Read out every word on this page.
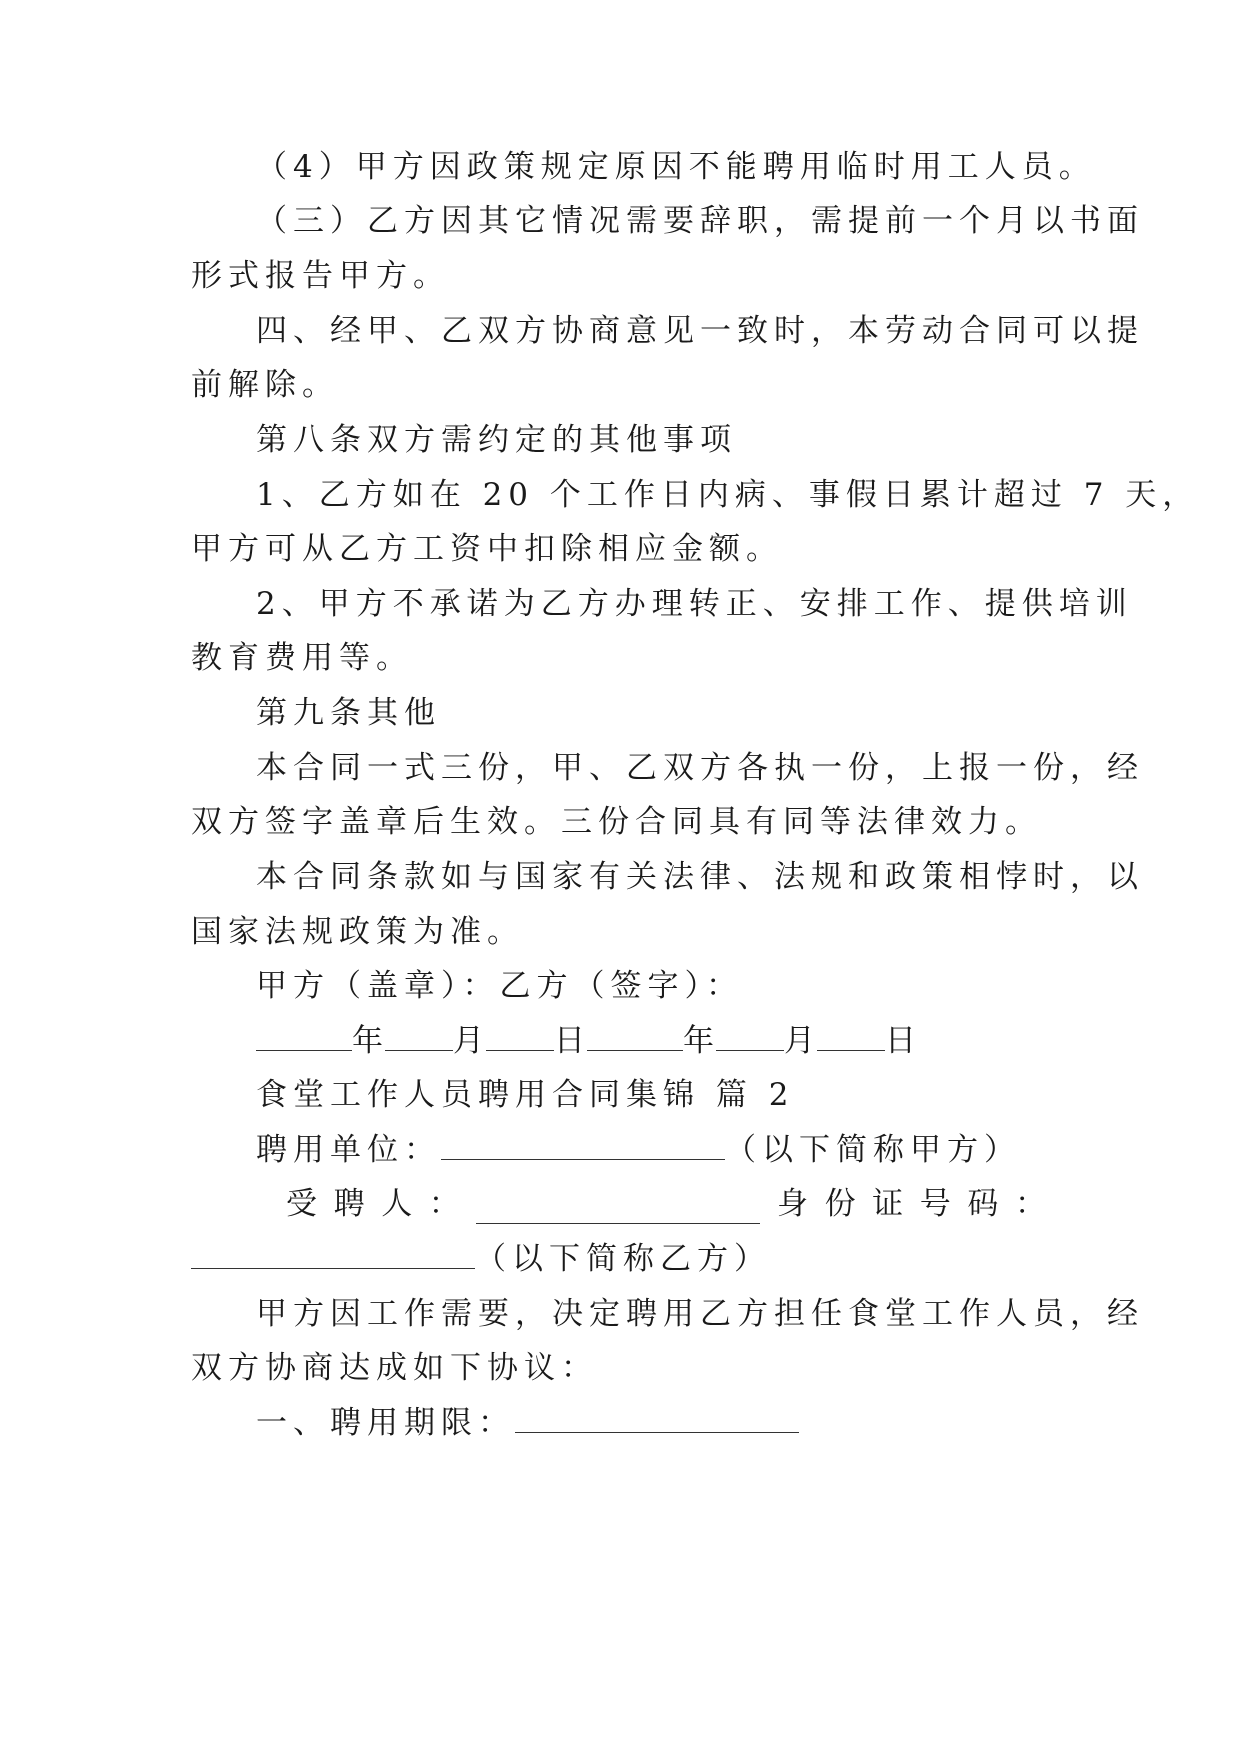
（4）甲方因政策规定原因不能聘用临时用工人员。
（三）乙方因其它情况需要辞职，需提前一个月以书面
形式报告甲方。
四、经甲、乙双方协商意见一致时，本劳动合同可以提
前解除。
第八条双方需约定的其他事项
1、乙方如在 20 个工作日内病、事假日累计超过 7 天，
甲方可从乙方工资中扣除相应金额。
2、甲方不承诺为乙方办理转正、安排工作、提供培训
教育费用等。
第九条其他
本合同一式三份，甲、乙双方各执一份，上报一份，经
双方签字盖章后生效。三份合同具有同等法律效力。
本合同条款如与国家有关法律、法规和政策相悖时，以
国家法规政策为准。
甲方（盖章）：乙方（签字）：
年 月 日	年 月 日
食堂工作人员聘用合同集锦 篇 2
聘用单位：	（以下简称甲方）
受 聘 人 ：	身 份 证 号 码 ：
（以下简称乙方）
甲方因工作需要，决定聘用乙方担任食堂工作人员，经
双方协商达成如下协议：
一、聘用期限：
